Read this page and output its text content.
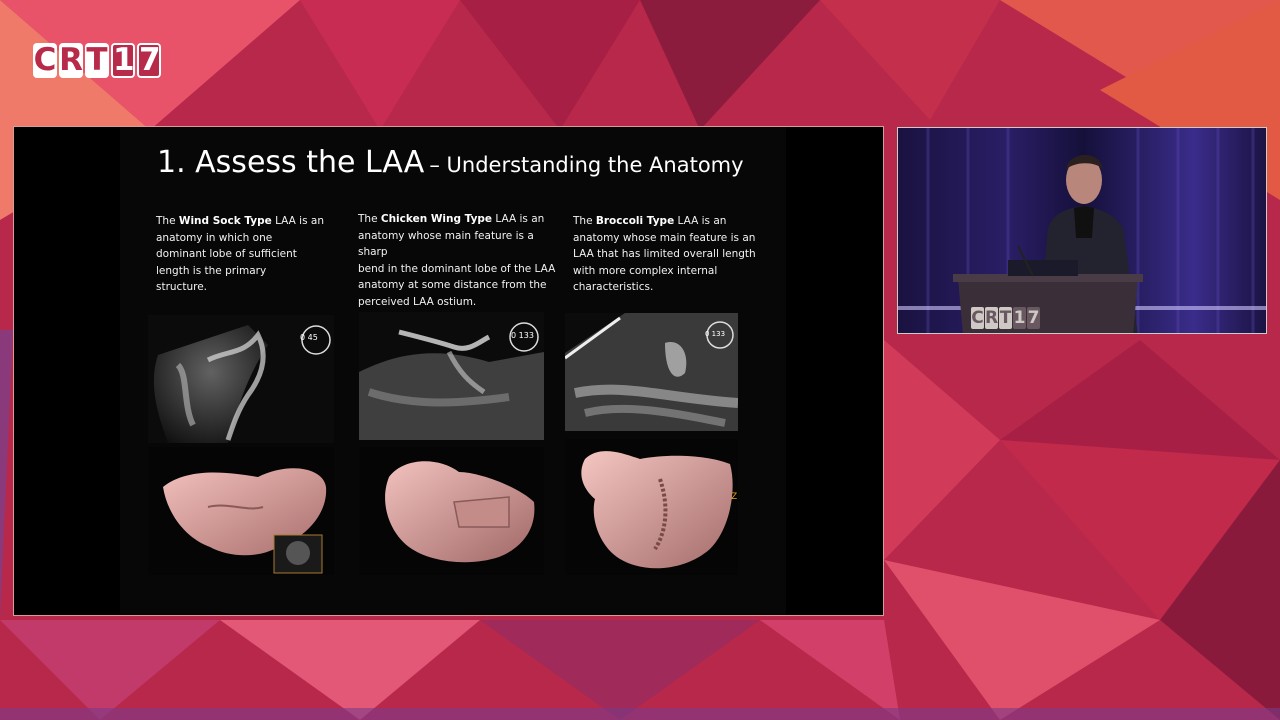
C R T 1 7
1. Assess the LAA – Understanding the Anatomy
The Wind Sock Type LAA is an
anatomy in which one
dominant lobe of sufficient
length is the primary
structure.
The Chicken Wing Type LAA is an
anatomy whose main feature is a sharp
bend in the dominant lobe of the LAA
anatomy at some distance from the
perceived LAA ostium.
The Broccoli Type LAA is an
anatomy whose main feature is an
LAA that has limited overall length
with more complex internal
characteristics.
0 45	0 133	0 133
Z
C R T 1 7
